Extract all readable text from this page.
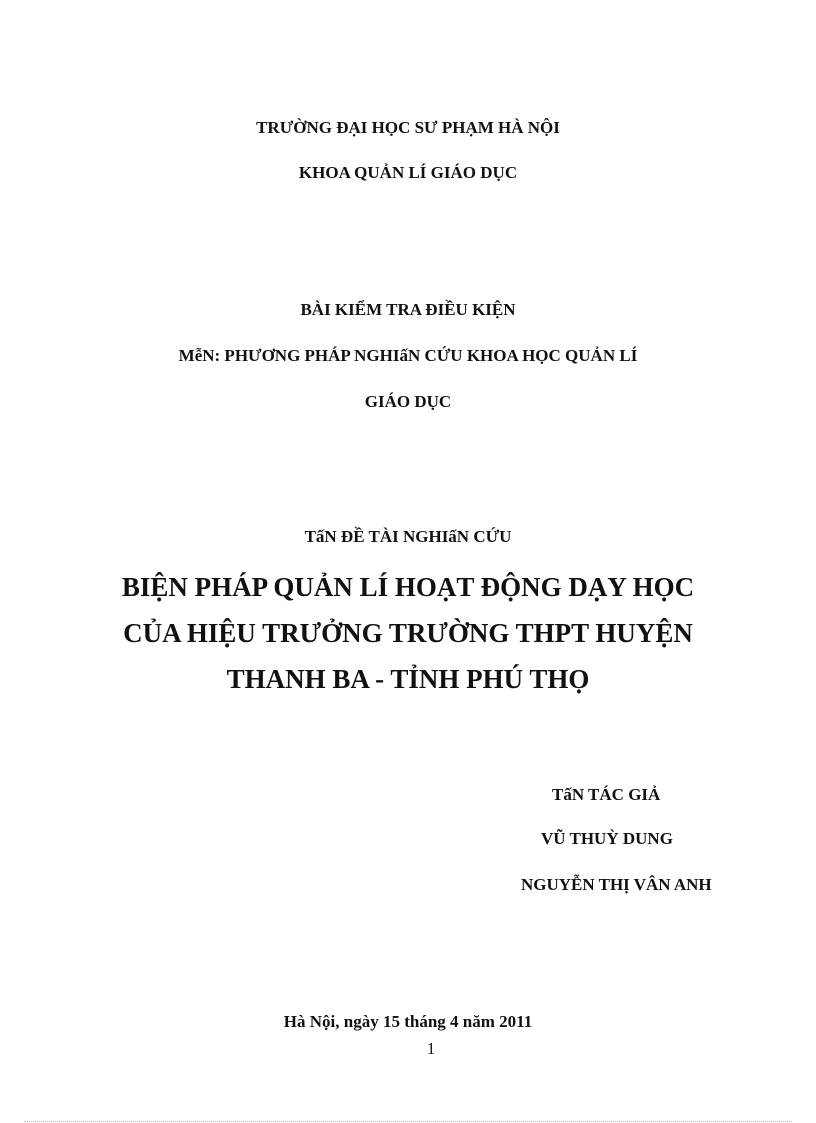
TRƯỜNG ĐẠI HỌC SƯ PHẠM HÀ NỘI
KHOA QUẢN LÍ GIÁO DỤC
BÀI KIỂM TRA ĐIỀU KIỆN
MễN: PHƯƠNG PHÁP NGHIấN CỨU KHOA HỌC QUẢN LÍ
GIÁO DỤC
TấN ĐỀ TÀI NGHIấN CỨU
BIỆN PHÁP QUẢN LÍ HOẠT ĐỘNG DẠY HỌC
CỦA HIỆU TRƯỞNG TRƯỜNG THPT HUYỆN
THANH BA - TỈNH PHÚ THỌ
TấN TÁC GIẢ
VŨ THUỲ DUNG
NGUYỄN THỊ VÂN ANH
Hà Nội, ngày 15 tháng 4 năm 2011
1
